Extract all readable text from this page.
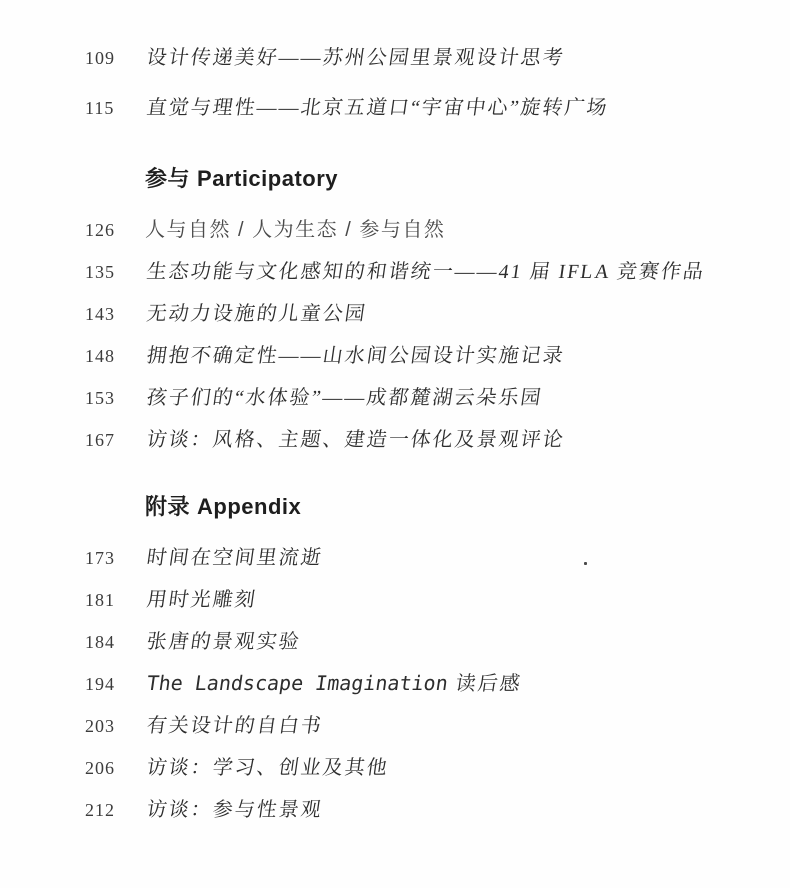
109	设计传递美好——苏州公园里景观设计思考
115	直觉与理性——北京五道口“宇宙中心”旋转广场
参与 Participatory
126	人与自然 / 人为生态 / 参与自然
135	生态功能与文化感知的和谐统一——41 届 IFLA 竞赛作品
143	无动力设施的儿童公园
148	拥抱不确定性——山水间公园设计实施记录
153	孩子们的“水体验”——成都麓湖云朵乐园
167	访谈：风格、主题、建造一体化及景观评论
附录 Appendix
173	时间在空间里流逝
181	用时光雕刻
184	张唐的景观实验
194	The Landscape Imagination 读后感
203	有关设计的自白书
206	访谈：学习、创业及其他
212	访谈：参与性景观
